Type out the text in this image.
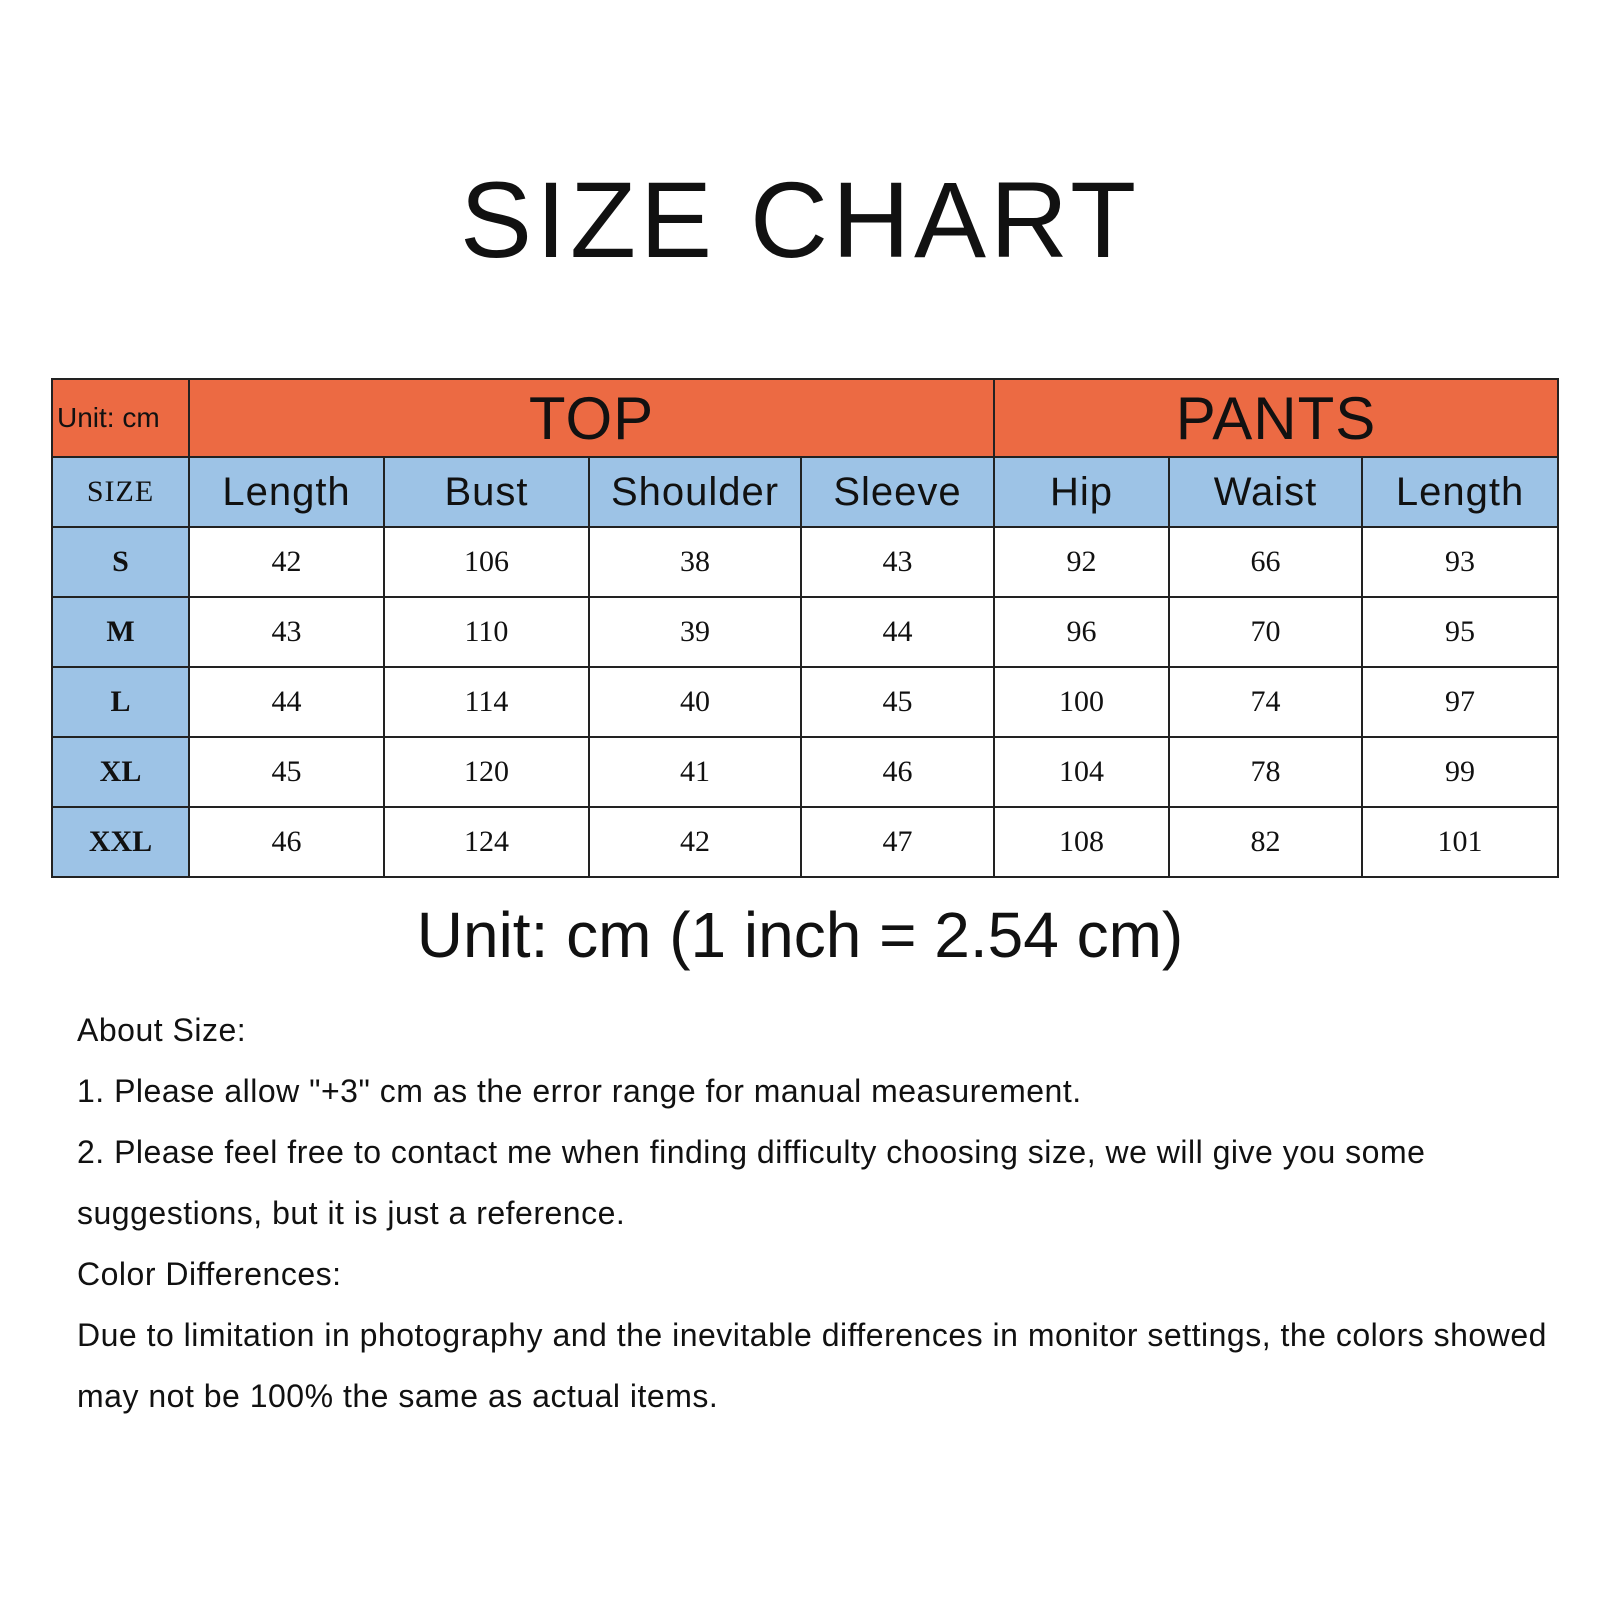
SIZE CHART
Unit: cm	TOP				PANTS		
SIZE	Length	Bust	Shoulder	Sleeve	Hip	Waist	Length
S	42	106	38	43	92	66	93
M	43	110	39	44	96	70	95
L	44	114	40	45	100	74	97
XL	45	120	41	46	104	78	99
XXL	46	124	42	47	108	82	101

Unit: cm (1 inch = 2.54 cm)

About Size:

1. Please allow "+3" cm as the error range for manual measurement.

2. Please feel free to contact me when finding difficulty choosing size, we will give you some suggestions, but it is just a reference.

Color Differences:

Due to limitation in photography and the inevitable differences in monitor settings, the colors showed may not be 100% the same as actual items.
